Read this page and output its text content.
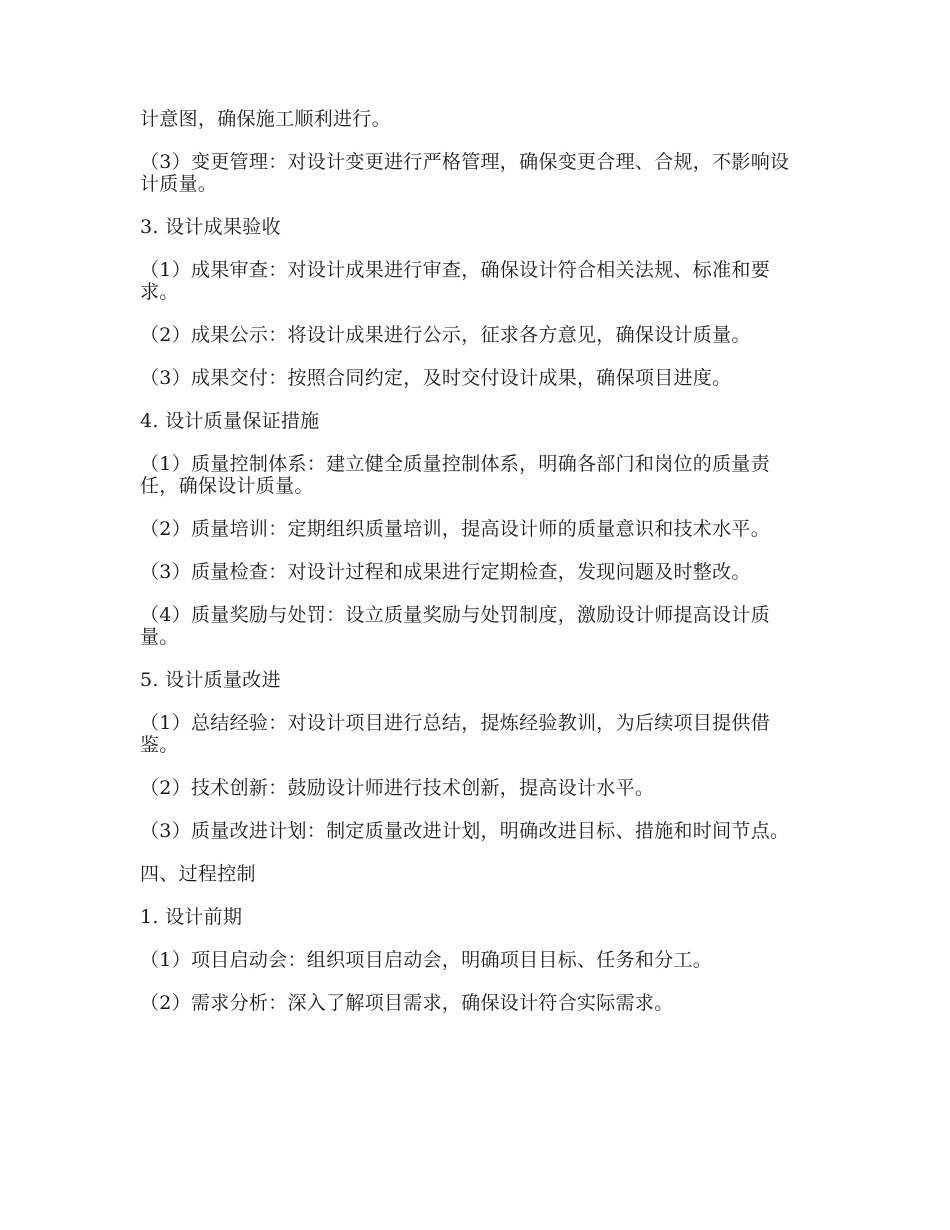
计意图，确保施工顺利进行。

（3）变更管理：对设计变更进行严格管理，确保变更合理、合规，不影响设计质量。

3. 设计成果验收

（1）成果审查：对设计成果进行审查，确保设计符合相关法规、标准和要求。

（2）成果公示：将设计成果进行公示，征求各方意见，确保设计质量。

（3）成果交付：按照合同约定，及时交付设计成果，确保项目进度。

4. 设计质量保证措施

（1）质量控制体系：建立健全质量控制体系，明确各部门和岗位的质量责任，确保设计质量。

（2）质量培训：定期组织质量培训，提高设计师的质量意识和技术水平。

（3）质量检查：对设计过程和成果进行定期检查，发现问题及时整改。

（4）质量奖励与处罚：设立质量奖励与处罚制度，激励设计师提高设计质量。

5. 设计质量改进

（1）总结经验：对设计项目进行总结，提炼经验教训，为后续项目提供借鉴。

（2）技术创新：鼓励设计师进行技术创新，提高设计水平。

（3）质量改进计划：制定质量改进计划，明确改进目标、措施和时间节点。

四、过程控制

1. 设计前期

（1）项目启动会：组织项目启动会，明确项目目标、任务和分工。

（2）需求分析：深入了解项目需求，确保设计符合实际需求。
